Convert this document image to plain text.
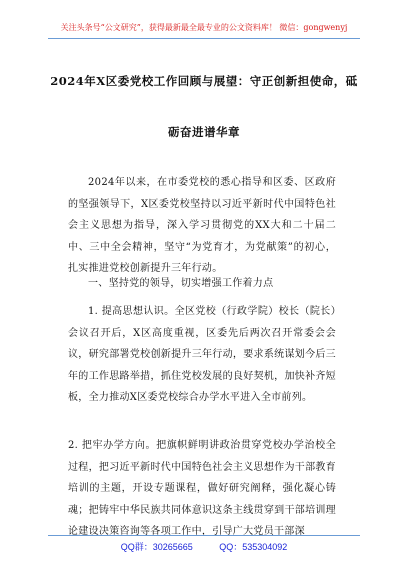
关注头条号“公文研究”，获得最新最全最专业的公文资料库！ 微信：gongwenyj
2024年X区委党校工作回顾与展望：守正创新担使命，砥
砺奋进谱华章

2024年以来，在市委党校的悉心指导和区委、区政府的坚强领导下，X区委党校坚持以习近平新时代中国特色社会主义思想为指导，深入学习贯彻党的XX大和二十届二中、三中全会精神，坚守“为党育才，为党献策”的初心，扎实推进党校创新提升三年行动。

一、坚持党的领导，切实增强工作着力点

1. 提高思想认识。全区党校（行政学院）校长（院长）会议召开后，X区高度重视，区委先后两次召开常委会会议，研究部署党校创新提升三年行动，要求系统谋划今后三年的工作思路举措，抓住党校发展的良好契机，加快补齐短板，全力推动X区委党校综合办学水平进入全市前列。

2. 把牢办学方向。把旗帜鲜明讲政治贯穿党校办学治校全过程，把习近平新时代中国特色社会主义思想作为干部教育培训的主题，开设专题课程，做好研究阐释，强化凝心铸魂；把铸牢中华民族共同体意识这条主线贯穿到干部培训理论建设决策咨询等各项工作中，引导广大党员干部深

QQ群：30265665	QQ：535304092
